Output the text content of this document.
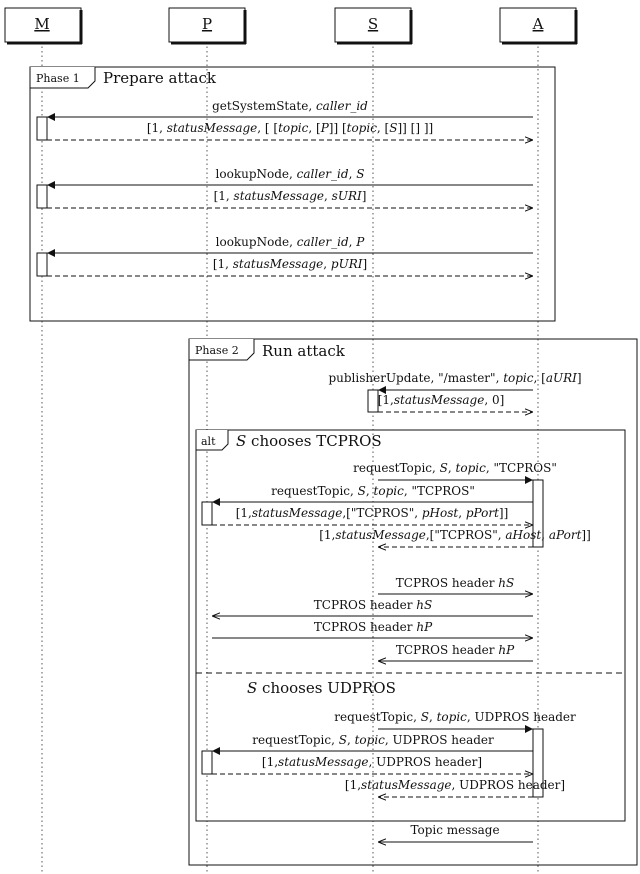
M	P	S	A
Phase 1 Prepare attack
Phase 2 Run attack
alt S chooses TCPROS
S chooses UDPROS
getSystemState, caller_id
[1, statusMessage, [ [topic, [P]] [topic, [S]] [] ]]
lookupNode, caller_id, S
[1, statusMessage, sURI]
lookupNode, caller_id, P
[1, statusMessage, pURI]
publisherUpdate, "/master", topic, [aURI]
[1,statusMessage, 0]
requestTopic, S, topic, "TCPROS"
requestTopic, S, topic, "TCPROS"
[1,statusMessage,["TCPROS", pHost, pPort]]
[1,statusMessage,["TCPROS", aHost, aPort]]
TCPROS header hS
TCPROS header hS
TCPROS header hP
TCPROS header hP
requestTopic, S, topic, UDPROS header
requestTopic, S, topic, UDPROS header
[1,statusMessage, UDPROS header]
[1,statusMessage, UDPROS header]
Topic message
